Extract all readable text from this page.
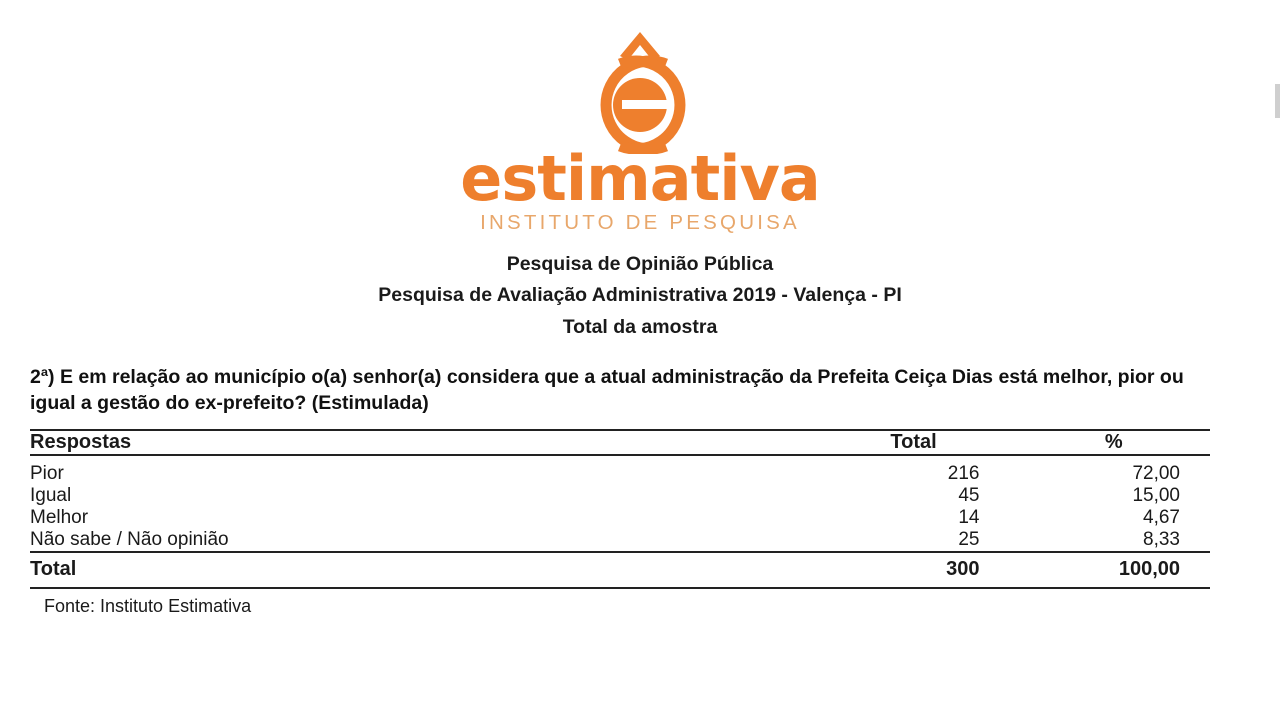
estimativa
INSTITUTO DE PESQUISA
Pesquisa de Opinião Pública
Pesquisa de Avaliação Administrativa 2019 - Valença - PI
Total da amostra
2ª) E em relação ao município o(a) senhor(a) considera que a atual administração da Prefeita Ceiça Dias está melhor, pior ou igual a gestão do ex-prefeito? (Estimulada)
Respostas	Total	%
Pior	216	72,00
Igual	45	15,00
Melhor	14	4,67
Não sabe / Não opinião	25	8,33
Total	300	100,00
Fonte: Instituto Estimativa
